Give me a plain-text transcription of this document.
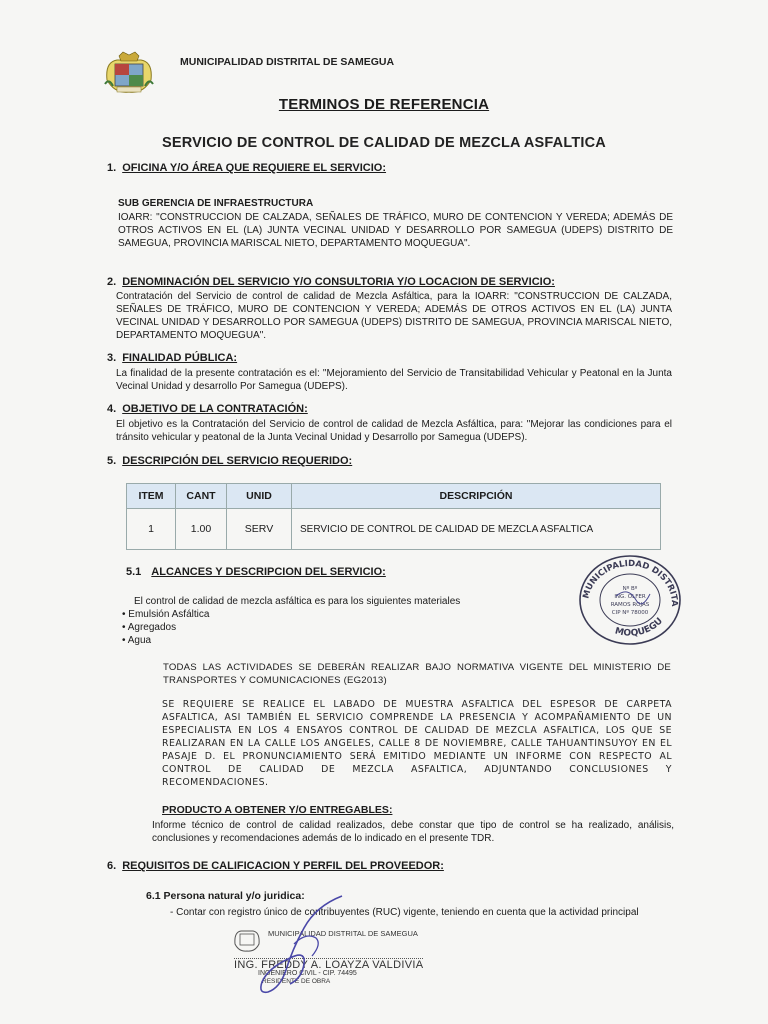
MUNICIPALIDAD DISTRITAL DE SAMEGUA
TERMINOS DE REFERENCIA
SERVICIO DE CONTROL DE CALIDAD DE MEZCLA ASFALTICA
1. OFICINA Y/O ÁREA QUE REQUIERE EL SERVICIO:
SUB GERENCIA DE INFRAESTRUCTURA
IOARR: "CONSTRUCCION DE CALZADA, SEÑALES DE TRÁFICO, MURO DE CONTENCION Y VEREDA; ADEMÁS DE OTROS ACTIVOS EN EL (LA) JUNTA VECINAL UNIDAD Y DESARROLLO POR SAMEGUA (UDEPS) DISTRITO DE SAMEGUA, PROVINCIA MARISCAL NIETO, DEPARTAMENTO MOQUEGUA".
2. DENOMINACIÓN DEL SERVICIO Y/O CONSULTORIA Y/O LOCACION DE SERVICIO:
Contratación del Servicio de control de calidad de Mezcla Asfáltica, para la IOARR: "CONSTRUCCION DE CALZADA, SEÑALES DE TRÁFICO, MURO DE CONTENCION Y VEREDA; ADEMÁS DE OTROS ACTIVOS EN EL (LA) JUNTA VECINAL UNIDAD Y DESARROLLO POR SAMEGUA (UDEPS) DISTRITO DE SAMEGUA, PROVINCIA MARISCAL NIETO, DEPARTAMENTO MOQUEGUA".
3. FINALIDAD PÚBLICA:
La finalidad de la presente contratación es el: "Mejoramiento del Servicio de Transitabilidad Vehicular y Peatonal en la Junta Vecinal Unidad y desarrollo Por Samegua (UDEPS).
4. OBJETIVO DE LA CONTRATACIÓN:
El objetivo es la Contratación del Servicio de control de calidad de Mezcla Asfáltica, para: "Mejorar las condiciones para el tránsito vehicular y peatonal de la Junta Vecinal Unidad y Desarrollo por Samegua (UDEPS).
5. DESCRIPCIÓN DEL SERVICIO REQUERIDO:
ITEM	CANT	UNID	DESCRIPCIÓN
1	1.00	SERV	SERVICIO DE CONTROL DE CALIDAD DE MEZCLA ASFALTICA
5.1 ALCANCES Y DESCRIPCION DEL SERVICIO:
El control de calidad de mezcla asfáltica es para los siguientes materiales
• Emulsión Asfáltica
• Agregados
• Agua
MUNICIPALIDAD DISTRITA
MOQUEGU
Nº Bº
ING. OLFER
RAMOS ROJAS
CIP Nº 78000
TODAS LAS ACTIVIDADES SE DEBERÁN REALIZAR BAJO NORMATIVA VIGENTE DEL MINISTERIO DE TRANSPORTES Y COMUNICACIONES (EG2013)
SE REQUIERE SE REALICE EL LABADO DE MUESTRA ASFALTICA DEL ESPESOR DE CARPETA ASFALTICA, ASI TAMBIÉN EL SERVICIO COMPRENDE LA PRESENCIA Y ACOMPAÑAMIENTO DE UN ESPECIALISTA EN LOS 4 ENSAYOS CONTROL DE CALIDAD DE MEZCLA ASFALTICA, LOS QUE SE REALIZARAN EN LA CALLE LOS ANGELES, CALLE 8 DE NOVIEMBRE, CALLE TAHUANTINSUYOY EN EL PASAJE D. EL PRONUNCIAMIENTO SERÁ EMITIDO MEDIANTE UN INFORME CON RESPECTO AL CONTROL DE CALIDAD DE MEZCLA ASFALTICA, ADJUNTANDO CONCLUSIONES Y RECOMENDACIONES.
PRODUCTO A OBTENER Y/O ENTREGABLES:
Informe técnico de control de calidad realizados, debe constar que tipo de control se ha realizado, análisis, conclusiones y recomendaciones además de lo indicado en el presente TDR.
6. REQUISITOS DE CALIFICACION Y PERFIL DEL PROVEEDOR:
6.1 Persona natural y/o juridica:
- Contar con registro único de contribuyentes (RUC) vigente, teniendo en cuenta que la actividad principal
MUNICIPALIDAD DISTRITAL DE SAMEGUA
ING. FREDDY A. LOAYZA VALDIVIA
INGENIERO CIVIL - CIP. 74495
RESIDENTE DE OBRA
